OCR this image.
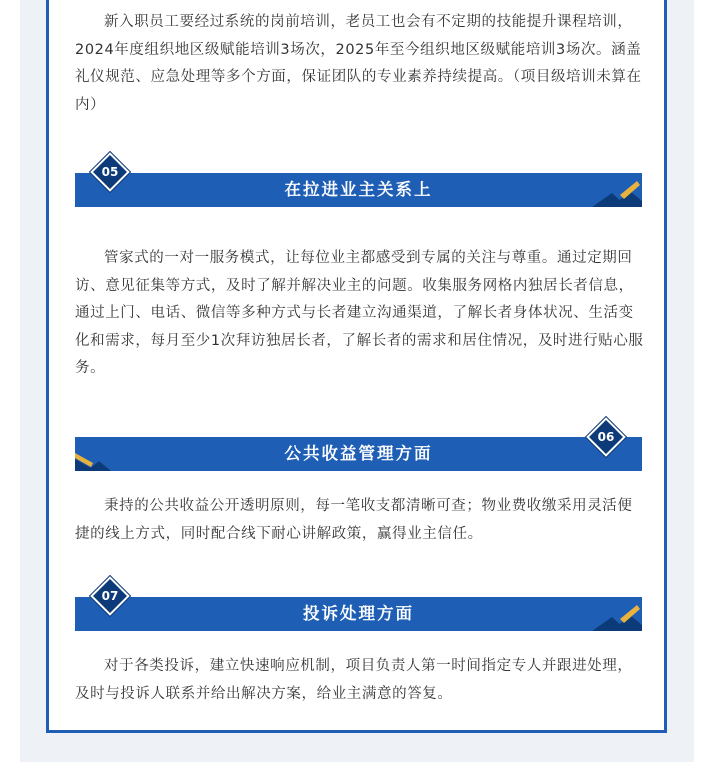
新入职员工要经过系统的岗前培训，老员工也会有不定期的技能提升课程培训，2024年度组织地区级赋能培训3场次，2025年至今组织地区级赋能培训3场次。涵盖礼仪规范、应急处理等多个方面，保证团队的专业素养持续提高。（项目级培训未算在内）

在拉进业主关系上
05

管家式的一对一服务模式，让每位业主都感受到专属的关注与尊重。通过定期回访、意见征集等方式，及时了解并解决业主的问题。收集服务网格内独居长者信息，通过上门、电话、微信等多种方式与长者建立沟通渠道，了解长者身体状况、生活变化和需求，每月至少1次拜访独居长者，了解长者的需求和居住情况，及时进行贴心服务。

公共收益管理方面
06

秉持的公共收益公开透明原则，每一笔收支都清晰可查；物业费收缴采用灵活便捷的线上方式，同时配合线下耐心讲解政策，赢得业主信任。

投诉处理方面
07

对于各类投诉，建立快速响应机制，项目负责人第一时间指定专人并跟进处理，及时与投诉人联系并给出解决方案，给业主满意的答复。
